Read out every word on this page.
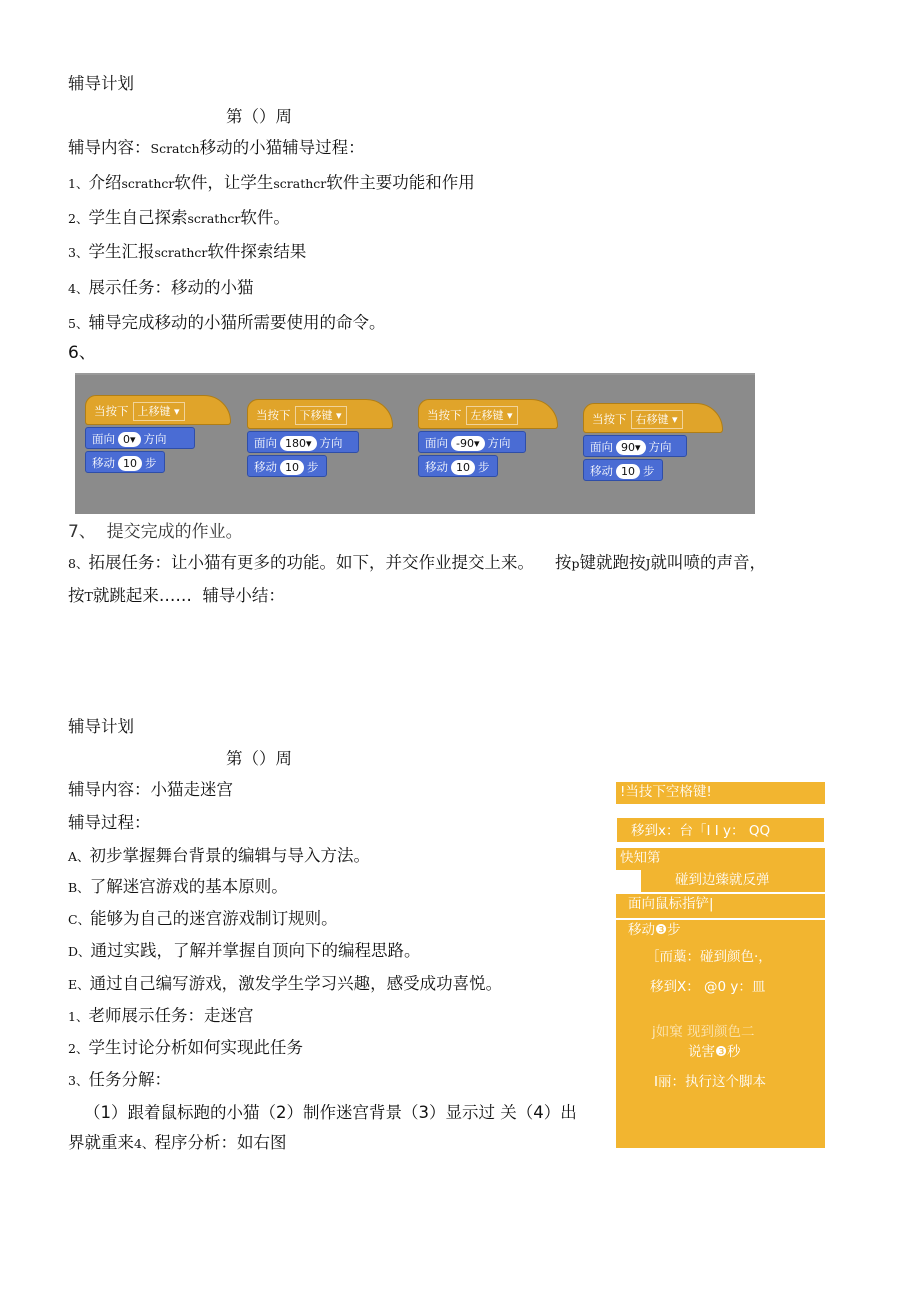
辅导计划
第（）周
辅导内容：Scratch移动的小猫辅导过程：
1、介绍scrathcr软件，让学生scrathcr软件主要功能和作用
2、学生自己探索scrathcr软件。
3、学生汇报scrathcr软件探索结果
4、展示任务：移动的小猫
5、辅导完成移动的小猫所需要使用的命令。
6、
当按下 上移键 ▾
面向 0▾ 方向
移动 10 步
当按下 下移键 ▾
面向 180▾ 方向
移动 10 步
当按下 左移键 ▾
面向 -90▾ 方向
移动 10 步
当按下 右移键 ▾
面向 90▾ 方向
移动 10 步
7、 提交完成的作业。
8、拓展任务：让小猫有更多的功能。如下，并交作业提交上来。 按p键就跑按J就叫喷的声音，
按T就跳起来…… 辅导小结：
辅导计划
第（）周
辅导内容：小猫走迷宫
辅导过程：
A、初步掌握舞台背景的编辑与导入方法。
B、了解迷宫游戏的基本原则。
C、能够为自己的迷宫游戏制订规则。
D、通过实践，了解并掌握自顶向下的编程思路。
E、通过自己编写游戏，激发学生学习兴趣，感受成功喜悦。
1、老师展示任务：走迷宫
2、学生讨论分析如何实现此任务
3、任务分解：
（1）跟着鼠标跑的小猫（2）制作迷宫背景（3）显示过 关（4）出
界就重来4、程序分析：如右图
!当技下空格键!
移到x：台「I I y： QQ
快知第
碰到边臻就反弹
面向鼠标指铲|
移动❸步
［而藁：碰到颜色·，
移到X： @0 y：皿
j如窠 现到颜色二
说害❸秒
I丽：执行这个脚本
